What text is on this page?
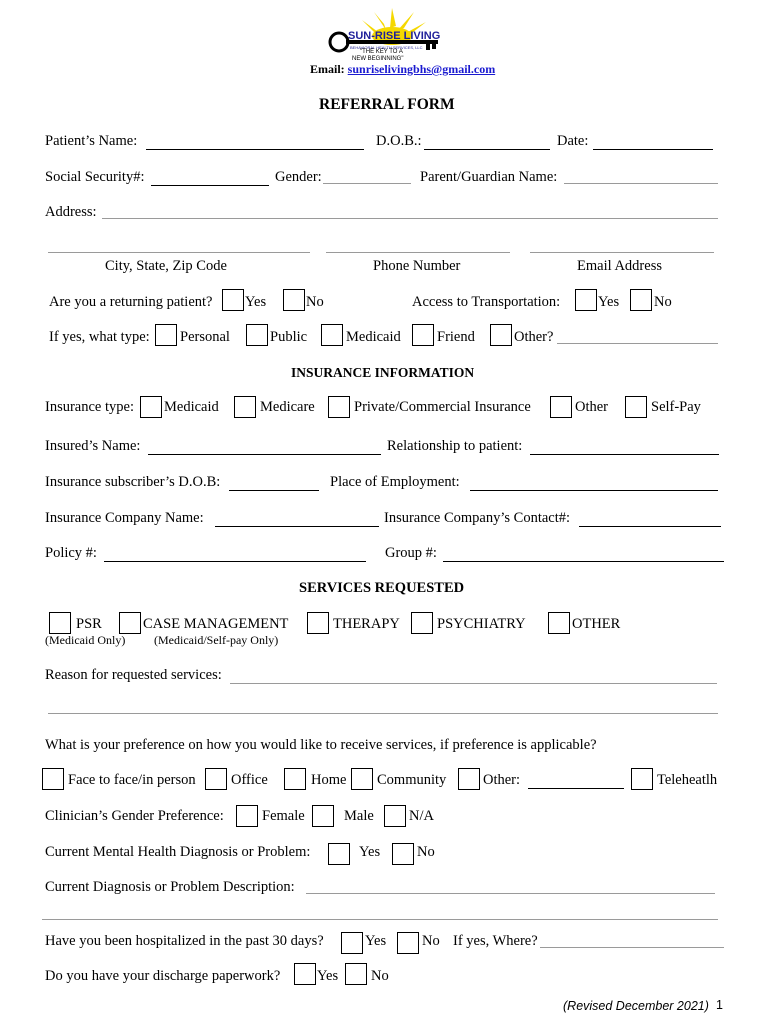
SUN-RISE LIVING
BEHAVIORAL HEALTH SERVICES, LLC
"THE KEY TO A
NEW BEGINNING"
Email: sunriselivingbhs@gmail.com
REFERRAL FORM
Patient’s Name:	D.O.B.:	Date:
Social Security#:	Gender:	Parent/Guardian Name:
Address:
City, State, Zip Code	Phone Number	Email Address
Are you a returning patient? Yes	No	Access to Transportation:	Yes No
If yes, what type: Personal	Public	Medicaid Friend	Other?
INSURANCE INFORMATION
Insurance type: Medicaid	Medicare	Private/Commercial Insurance	Other	Self-Pay
Insured’s Name:	Relationship to patient:
Insurance subscriber’s D.O.B:	Place of Employment:
Insurance Company Name:	Insurance Company’s Contact#:
Policy #:	Group #:
SERVICES REQUESTED
PSR	CASE MANAGEMENT	THERAPY	PSYCHIATRY	OTHER
(Medicaid Only) (Medicaid/Self-pay Only)
Reason for requested services:
What is your preference on how you would like to receive services, if preference is applicable?
Face to face/in person Office	Home Community	Other:	Teleheatlh
Clinician’s Gender Preference:	Female	Male N/A
Current Mental Health Diagnosis or Problem:	Yes	No
Current Diagnosis or Problem Description:
Have you been hospitalized in the past 30 days?	Yes No If yes, Where?
Do you have your discharge paperwork?	Yes No
(Revised December 2021) 1
